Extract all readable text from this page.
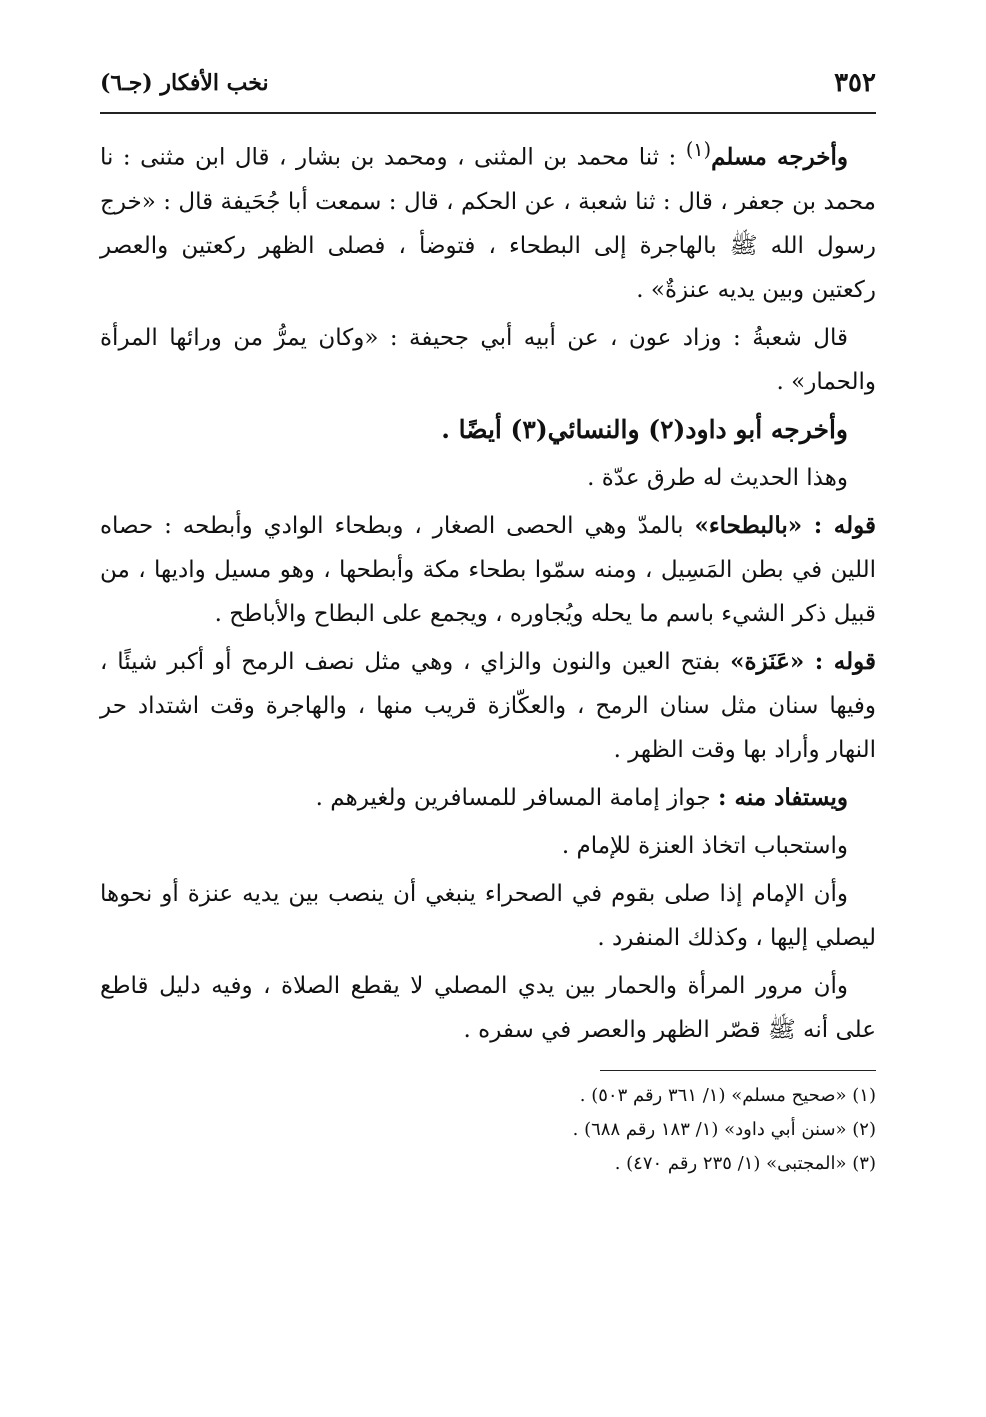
٣٥٢
نخب الأفكار (جـ٦)

وأخرجه مسلم$^{(١)}$ : ثنا محمد بن المثنى ، ومحمد بن بشار ، قال ابن مثنى : نا محمد بن جعفر ، قال : ثنا شعبة ، عن الحكم ، قال : سمعت أبا جُحَيفة قال : «خرج رسول الله ﷺ بالهاجرة إلى البطحاء ، فتوضأ ، فصلى الظهر ركعتين والعصر ركعتين وبين يديه عنزةٌ» .

قال شعبةُ : وزاد عون ، عن أبيه أبي جحيفة : «وكان يمرُّ من ورائها المرأة والحمار» .

وأخرجه أبو داود(٢) والنسائي(٣) أيضًا .

وهذا الحديث له طرق عدّة .

قوله : «بالبطحاء» بالمدّ وهي الحصى الصغار ، وبطحاء الوادي وأبطحه : حصاه اللين في بطن المَسِيل ، ومنه سمّوا بطحاء مكة وأبطحها ، وهو مسيل واديها ، من قبيل ذكر الشيء باسم ما يحله ويُجاوره ، ويجمع على البطاح والأباطح .

قوله : «عَنَزة» بفتح العين والنون والزاي ، وهي مثل نصف الرمح أو أكبر شيئًا ، وفيها سنان مثل سنان الرمح ، والعكّازة قريب منها ، والهاجرة وقت اشتداد حر النهار وأراد بها وقت الظهر .

ويستفاد منه : جواز إمامة المسافر للمسافرين ولغيرهم .

واستحباب اتخاذ العنزة للإمام .

وأن الإمام إذا صلى بقوم في الصحراء ينبغي أن ينصب بين يديه عنزة أو نحوها ليصلي إليها ، وكذلك المنفرد .

وأن مرور المرأة والحمار بين يدي المصلي لا يقطع الصلاة ، وفيه دليل قاطع على أنه ﷺ قصّر الظهر والعصر في سفره .

(١) «صحيح مسلم» (١/ ٣٦١ رقم ٥٠٣) .
(٢) «سنن أبي داود» (١/ ١٨٣ رقم ٦٨٨) .
(٣) «المجتبى» (١/ ٢٣٥ رقم ٤٧٠) .
